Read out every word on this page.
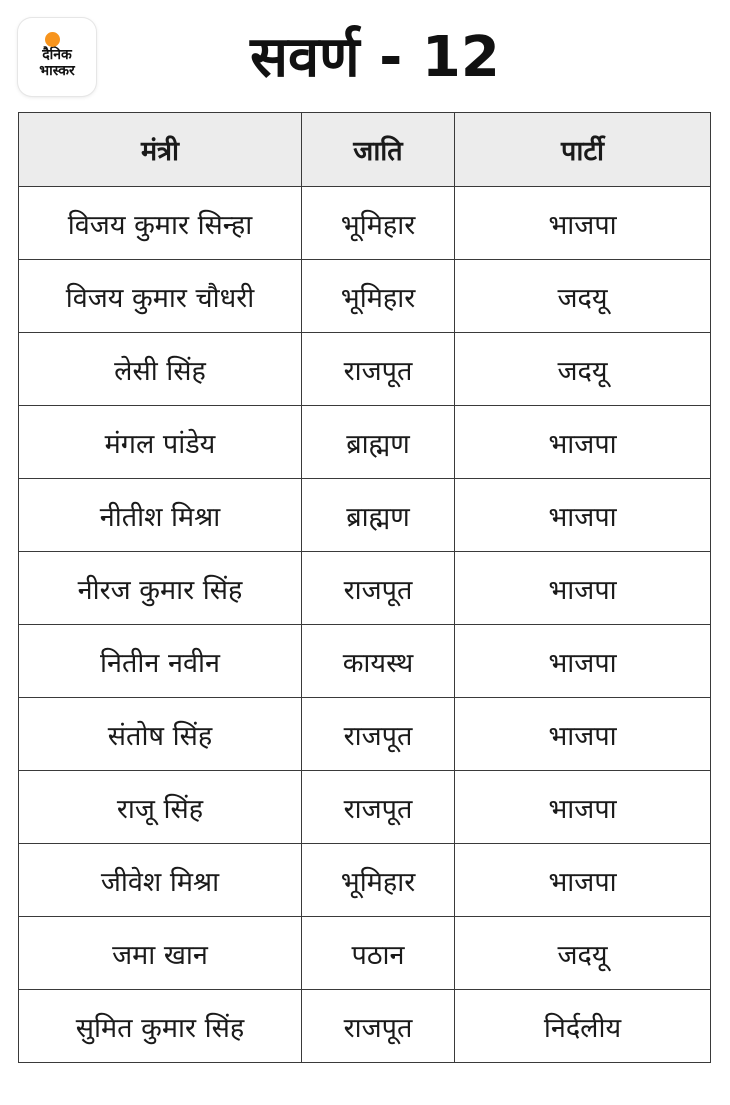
दैनिक
भास्कर	सवर्ण - 12
मंत्री	जाति	पार्टी
विजय कुमार सिन्हा	भूमिहार	भाजपा
विजय कुमार चौधरी	भूमिहार	जदयू
लेसी सिंह	राजपूत	जदयू
मंगल पांडेय	ब्राह्मण	भाजपा
नीतीश मिश्रा	ब्राह्मण	भाजपा
नीरज कुमार सिंह	राजपूत	भाजपा
नितीन नवीन	कायस्थ	भाजपा
संतोष सिंह	राजपूत	भाजपा
राजू सिंह	राजपूत	भाजपा
जीवेश मिश्रा	भूमिहार	भाजपा
जमा खान	पठान	जदयू
सुमित कुमार सिंह	राजपूत	निर्दलीय
